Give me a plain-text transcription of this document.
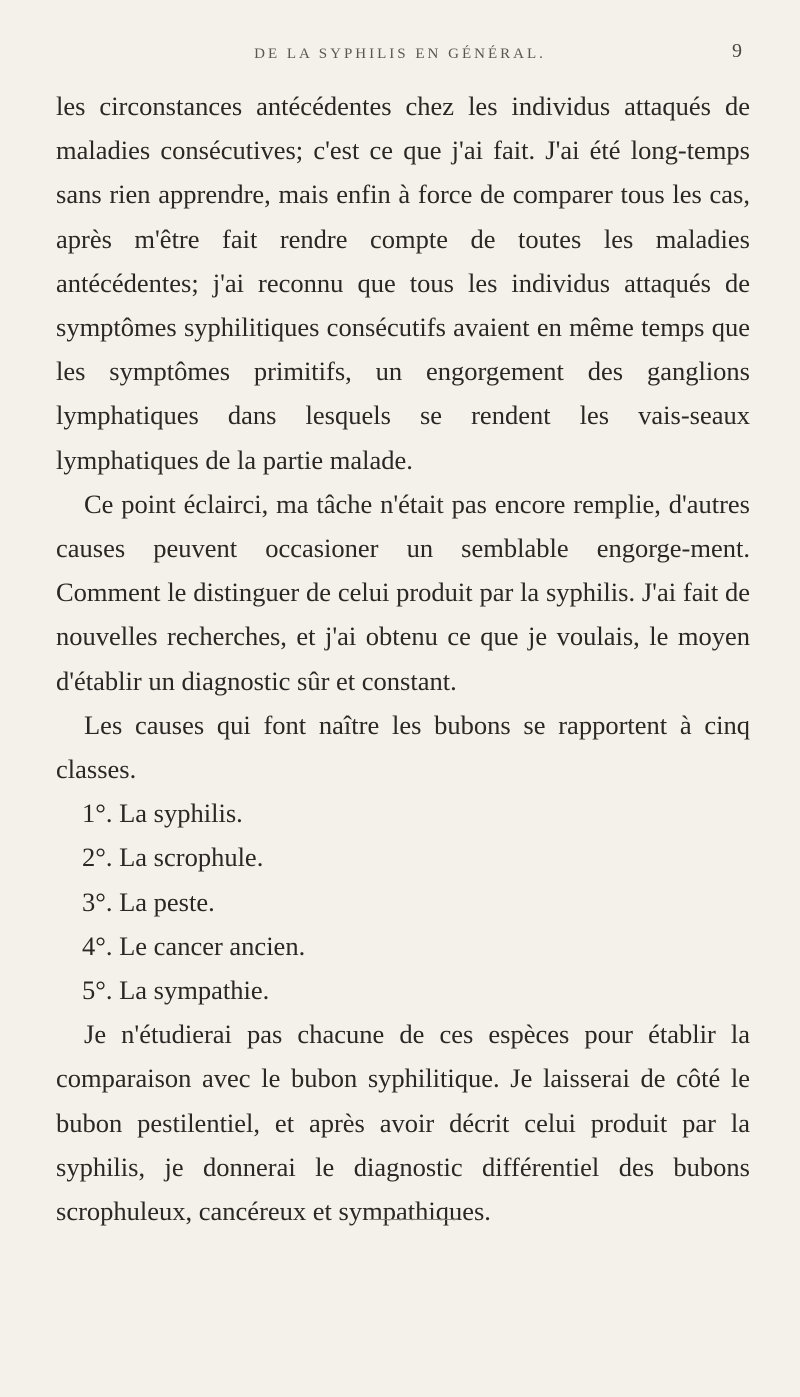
DE LA SYPHILIS EN GÉNÉRAL.	9

les circonstances antécédentes chez les individus attaqués de maladies consécutives; c'est ce que j'ai fait. J'ai été long-temps sans rien apprendre, mais enfin à force de comparer tous les cas, après m'être fait rendre compte de toutes les maladies antécédentes; j'ai reconnu que tous les individus attaqués de symptômes syphilitiques consécutifs avaient en même temps que les symptômes primitifs, un engorgement des ganglions lymphatiques dans lesquels se rendent les vais-seaux lymphatiques de la partie malade.

Ce point éclairci, ma tâche n'était pas encore remplie, d'autres causes peuvent occasioner un semblable engorge-ment. Comment le distinguer de celui produit par la syphilis. J'ai fait de nouvelles recherches, et j'ai obtenu ce que je voulais, le moyen d'établir un diagnostic sûr et constant.

Les causes qui font naître les bubons se rapportent à cinq classes.

1°. La syphilis.

2°. La scrophule.

3°. La peste.

4°. Le cancer ancien.

5°. La sympathie.

Je n'étudierai pas chacune de ces espèces pour établir la comparaison avec le bubon syphilitique. Je laisserai de côté le bubon pestilentiel, et après avoir décrit celui produit par la syphilis, je donnerai le diagnostic différentiel des bubons scrophuleux, cancéreux et sympathiques.
